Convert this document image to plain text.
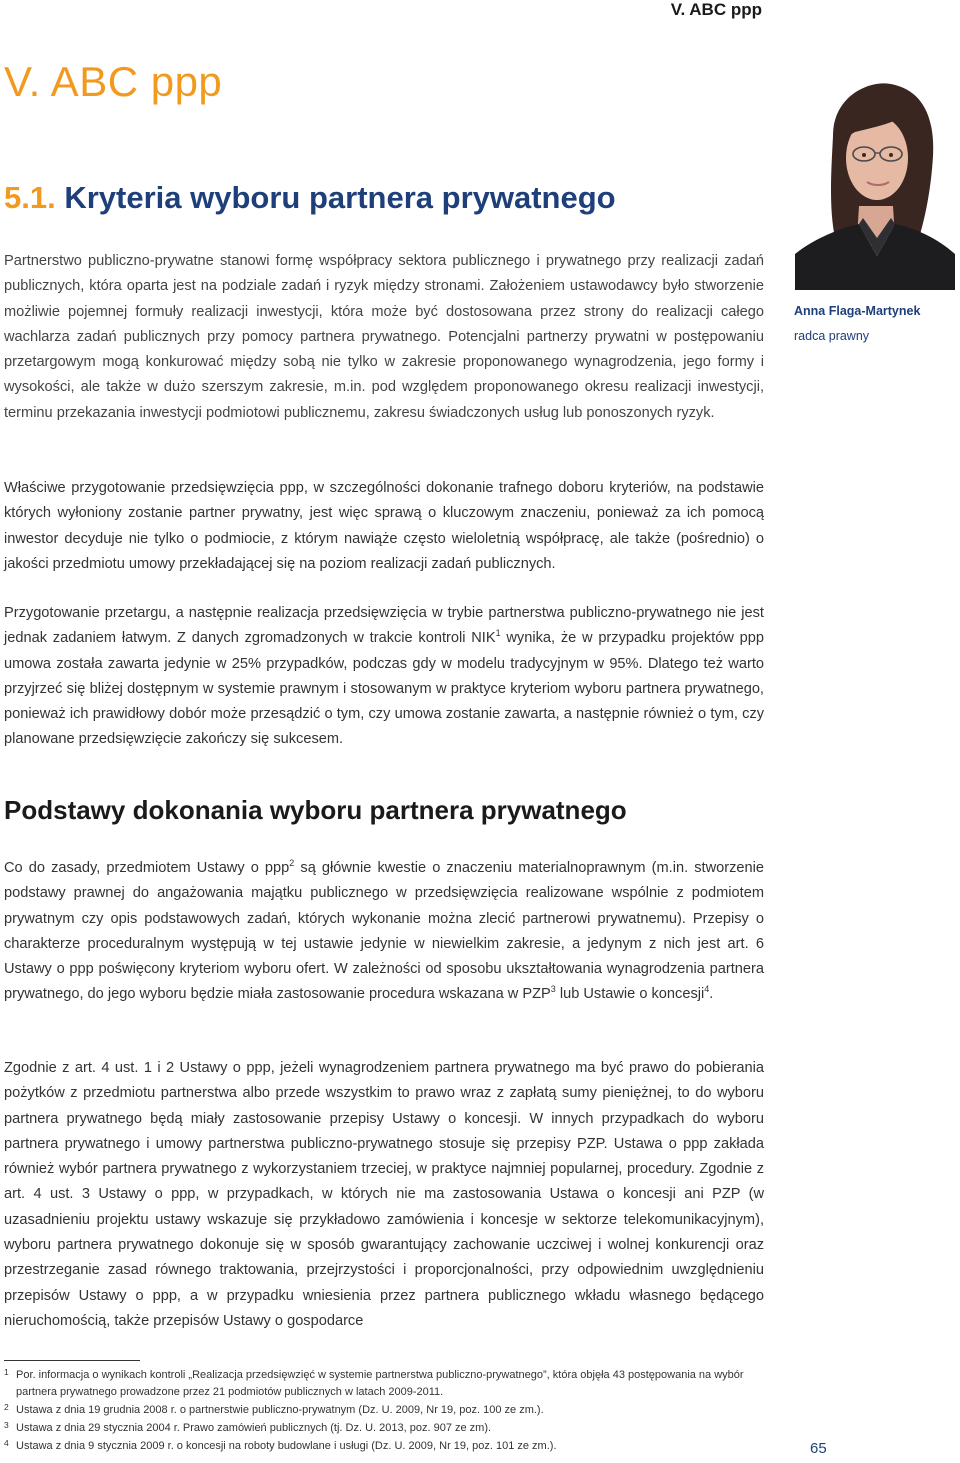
V. ABC ppp
V. ABC ppp
5.1. Kryteria wyboru partnera prywatnego
Anna Flaga-Martynek
radca prawny

Partnerstwo publiczno-prywatne stanowi formę współpracy sektora publicznego i prywatnego przy realizacji zadań publicznych, która oparta jest na podziale zadań i ryzyk między stronami. Założeniem ustawodawcy było stworzenie możliwie pojemnej formuły realizacji inwestycji, która może być dostosowana przez strony do realizacji całego wachlarza zadań publicznych przy pomocy partnera prywatnego. Potencjalni partnerzy prywatni w postępowaniu przetargowym mogą konkurować między sobą nie tylko w zakresie proponowanego wynagrodzenia, jego formy i wysokości, ale także w dużo szerszym zakresie, m.in. pod względem proponowanego okresu realizacji inwestycji, terminu przekazania inwestycji podmiotowi publicznemu, zakresu świadczonych usług lub ponoszonych ryzyk.

Właściwe przygotowanie przedsięwzięcia ppp, w szczególności dokonanie trafnego doboru kryteriów, na podstawie których wyłoniony zostanie partner prywatny, jest więc sprawą o kluczowym znaczeniu, ponieważ za ich pomocą inwestor decyduje nie tylko o podmiocie, z którym nawiąże często wieloletnią współpracę, ale także (pośrednio) o jakości przedmiotu umowy przekładającej się na poziom realizacji zadań publicznych.

Przygotowanie przetargu, a następnie realizacja przedsięwzięcia w trybie partnerstwa publiczno-prywatnego nie jest jednak zadaniem łatwym. Z danych zgromadzonych w trakcie kontroli NIK$^1$ wynika, że w przypadku projektów ppp umowa została zawarta jedynie w 25% przypadków, podczas gdy w modelu tradycyjnym w 95%. Dlatego też warto przyjrzeć się bliżej dostępnym w systemie prawnym i stosowanym w praktyce kryteriom wyboru partnera prywatnego, ponieważ ich prawidłowy dobór może przesądzić o tym, czy umowa zostanie zawarta, a następnie również o tym, czy planowane przedsięwzięcie zakończy się sukcesem.

Podstawy dokonania wyboru partnera prywatnego

Co do zasady, przedmiotem Ustawy o ppp$^2$ są głównie kwestie o znaczeniu materialnoprawnym (m.in. stworzenie podstawy prawnej do angażowania majątku publicznego w przedsięwzięcia realizowane wspólnie z podmiotem prywatnym czy opis podstawowych zadań, których wykonanie można zlecić partnerowi prywatnemu). Przepisy o charakterze proceduralnym występują w tej ustawie jedynie w niewielkim zakresie, a jedynym z nich jest art. 6 Ustawy o ppp poświęcony kryteriom wyboru ofert. W zależności od sposobu ukształtowania wynagrodzenia partnera prywatnego, do jego wyboru będzie miała zastosowanie procedura wskazana w PZP$^3$ lub Ustawie o koncesji$^4$.

Zgodnie z art. 4 ust. 1 i 2 Ustawy o ppp, jeżeli wynagrodzeniem partnera prywatnego ma być prawo do pobierania pożytków z przedmiotu partnerstwa albo przede wszystkim to prawo wraz z zapłatą sumy pieniężnej, to do wyboru partnera prywatnego będą miały zastosowanie przepisy Ustawy o koncesji. W innych przypadkach do wyboru partnera prywatnego i umowy partnerstwa publiczno-prywatnego stosuje się przepisy PZP. Ustawa o ppp zakłada również wybór partnera prywatnego z wykorzystaniem trzeciej, w praktyce najmniej popularnej, procedury. Zgodnie z art. 4 ust. 3 Ustawy o ppp, w przypadkach, w których nie ma zastosowania Ustawa o koncesji ani PZP (w uzasadnieniu projektu ustawy wskazuje się przykładowo zamówienia i koncesje w sektorze telekomunikacyjnym), wyboru partnera prywatnego dokonuje się w sposób gwarantujący zachowanie uczciwej i wolnej konkurencji oraz przestrzeganie zasad równego traktowania, przejrzystości i proporcjonalności, przy odpowiednim uwzględnieniu przepisów Ustawy o ppp, a w przypadku wniesienia przez partnera publicznego wkładu własnego będącego nieruchomością, także przepisów Ustawy o gospodarce

1 Por. informacja o wynikach kontroli „Realizacja przedsięwzięć w systemie partnerstwa publiczno-prywatnego”, która objęła 43 postępowania na wybór partnera prywatnego prowadzone przez 21 podmiotów publicznych w latach 2009-2011.
2 Ustawa z dnia 19 grudnia 2008 r. o partnerstwie publiczno-prywatnym (Dz. U. 2009, Nr 19, poz. 100 ze zm.).
3 Ustawa z dnia 29 stycznia 2004 r. Prawo zamówień publicznych (tj. Dz. U. 2013, poz. 907 ze zm).
4 Ustawa z dnia 9 stycznia 2009 r. o koncesji na roboty budowlane i usługi (Dz. U. 2009, Nr 19, poz. 101 ze zm.).	65
